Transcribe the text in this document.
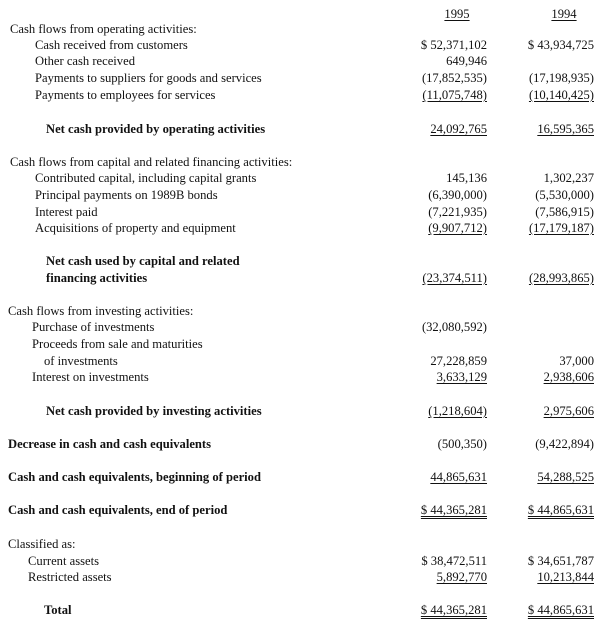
1995	1994
Cash flows from operating activities:
Cash received from customers	$ 52,371,102	$ 43,934,725
Other cash received	649,946
Payments to suppliers for goods and services	(17,852,535)	(17,198,935)
Payments to employees for services	(11,075,748)	(10,140,425)
Net cash provided by operating activities	24,092,765	16,595,365
Cash flows from capital and related financing activities:
Contributed capital, including capital grants	145,136	1,302,237
Principal payments on 1989B bonds	(6,390,000)	(5,530,000)
Interest paid	(7,221,935)	(7,586,915)
Acquisitions of property and equipment	(9,907,712)	(17,179,187)
Net cash used by capital and related
financing activities	(23,374,511)	(28,993,865)
Cash flows from investing activities:
Purchase of investments	(32,080,592)
Proceeds from sale and maturities
of investments	27,228,859	37,000
Interest on investments	3,633,129	2,938,606
Net cash provided by investing activities	(1,218,604)	2,975,606
Decrease in cash and cash equivalents	(500,350)	(9,422,894)
Cash and cash equivalents, beginning of period	44,865,631	54,288,525
Cash and cash equivalents, end of period	$ 44,365,281	$ 44,865,631
Classified as:
Current assets	$ 38,472,511	$ 34,651,787
Restricted assets	5,892,770	10,213,844
Total	$ 44,365,281	$ 44,865,631
